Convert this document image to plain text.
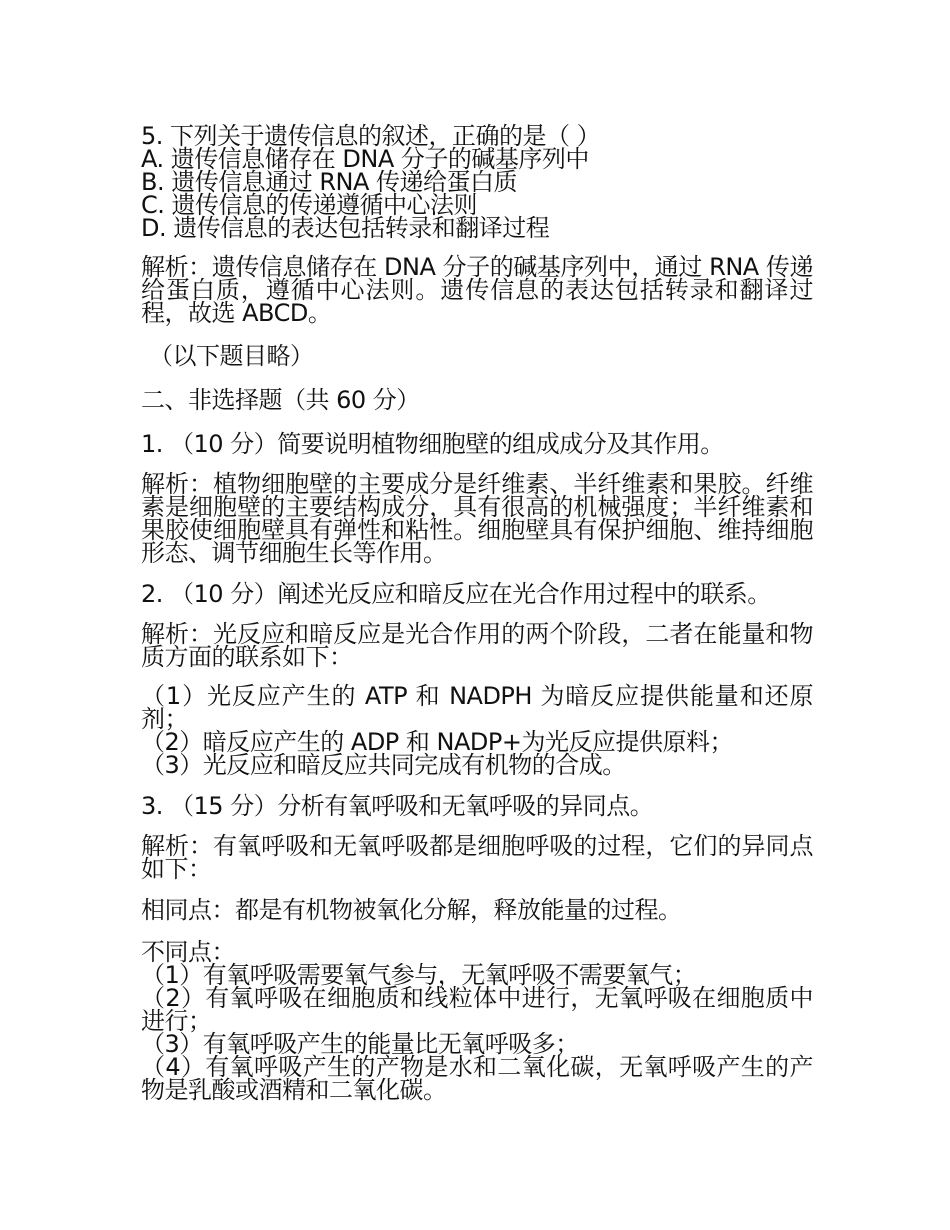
5. 下列关于遗传信息的叙述，正确的是（ ）
A. 遗传信息储存在 DNA 分子的碱基序列中
B. 遗传信息通过 RNA 传递给蛋白质
C. 遗传信息的传递遵循中心法则
D. 遗传信息的表达包括转录和翻译过程
解析：遗传信息储存在 DNA 分子的碱基序列中，通过 RNA 传递给蛋白质，遵循中心法则。遗传信息的表达包括转录和翻译过程，故选 ABCD。
（以下题目略）
二、非选择题（共 60 分）
1. （10 分）简要说明植物细胞壁的组成成分及其作用。
解析：植物细胞壁的主要成分是纤维素、半纤维素和果胶。纤维素是细胞壁的主要结构成分，具有很高的机械强度；半纤维素和果胶使细胞壁具有弹性和粘性。细胞壁具有保护细胞、维持细胞形态、调节细胞生长等作用。
2. （10 分）阐述光反应和暗反应在光合作用过程中的联系。
解析：光反应和暗反应是光合作用的两个阶段，二者在能量和物质方面的联系如下：
（1）光反应产生的 ATP 和 NADPH 为暗反应提供能量和还原剂；
（2）暗反应产生的 ADP 和 NADP+为光反应提供原料；
（3）光反应和暗反应共同完成有机物的合成。
3. （15 分）分析有氧呼吸和无氧呼吸的异同点。
解析：有氧呼吸和无氧呼吸都是细胞呼吸的过程，它们的异同点如下：
相同点：都是有机物被氧化分解，释放能量的过程。
不同点：
（1）有氧呼吸需要氧气参与，无氧呼吸不需要氧气；
（2）有氧呼吸在细胞质和线粒体中进行，无氧呼吸在细胞质中进行；
（3）有氧呼吸产生的能量比无氧呼吸多；
（4）有氧呼吸产生的产物是水和二氧化碳，无氧呼吸产生的产物是乳酸或酒精和二氧化碳。
